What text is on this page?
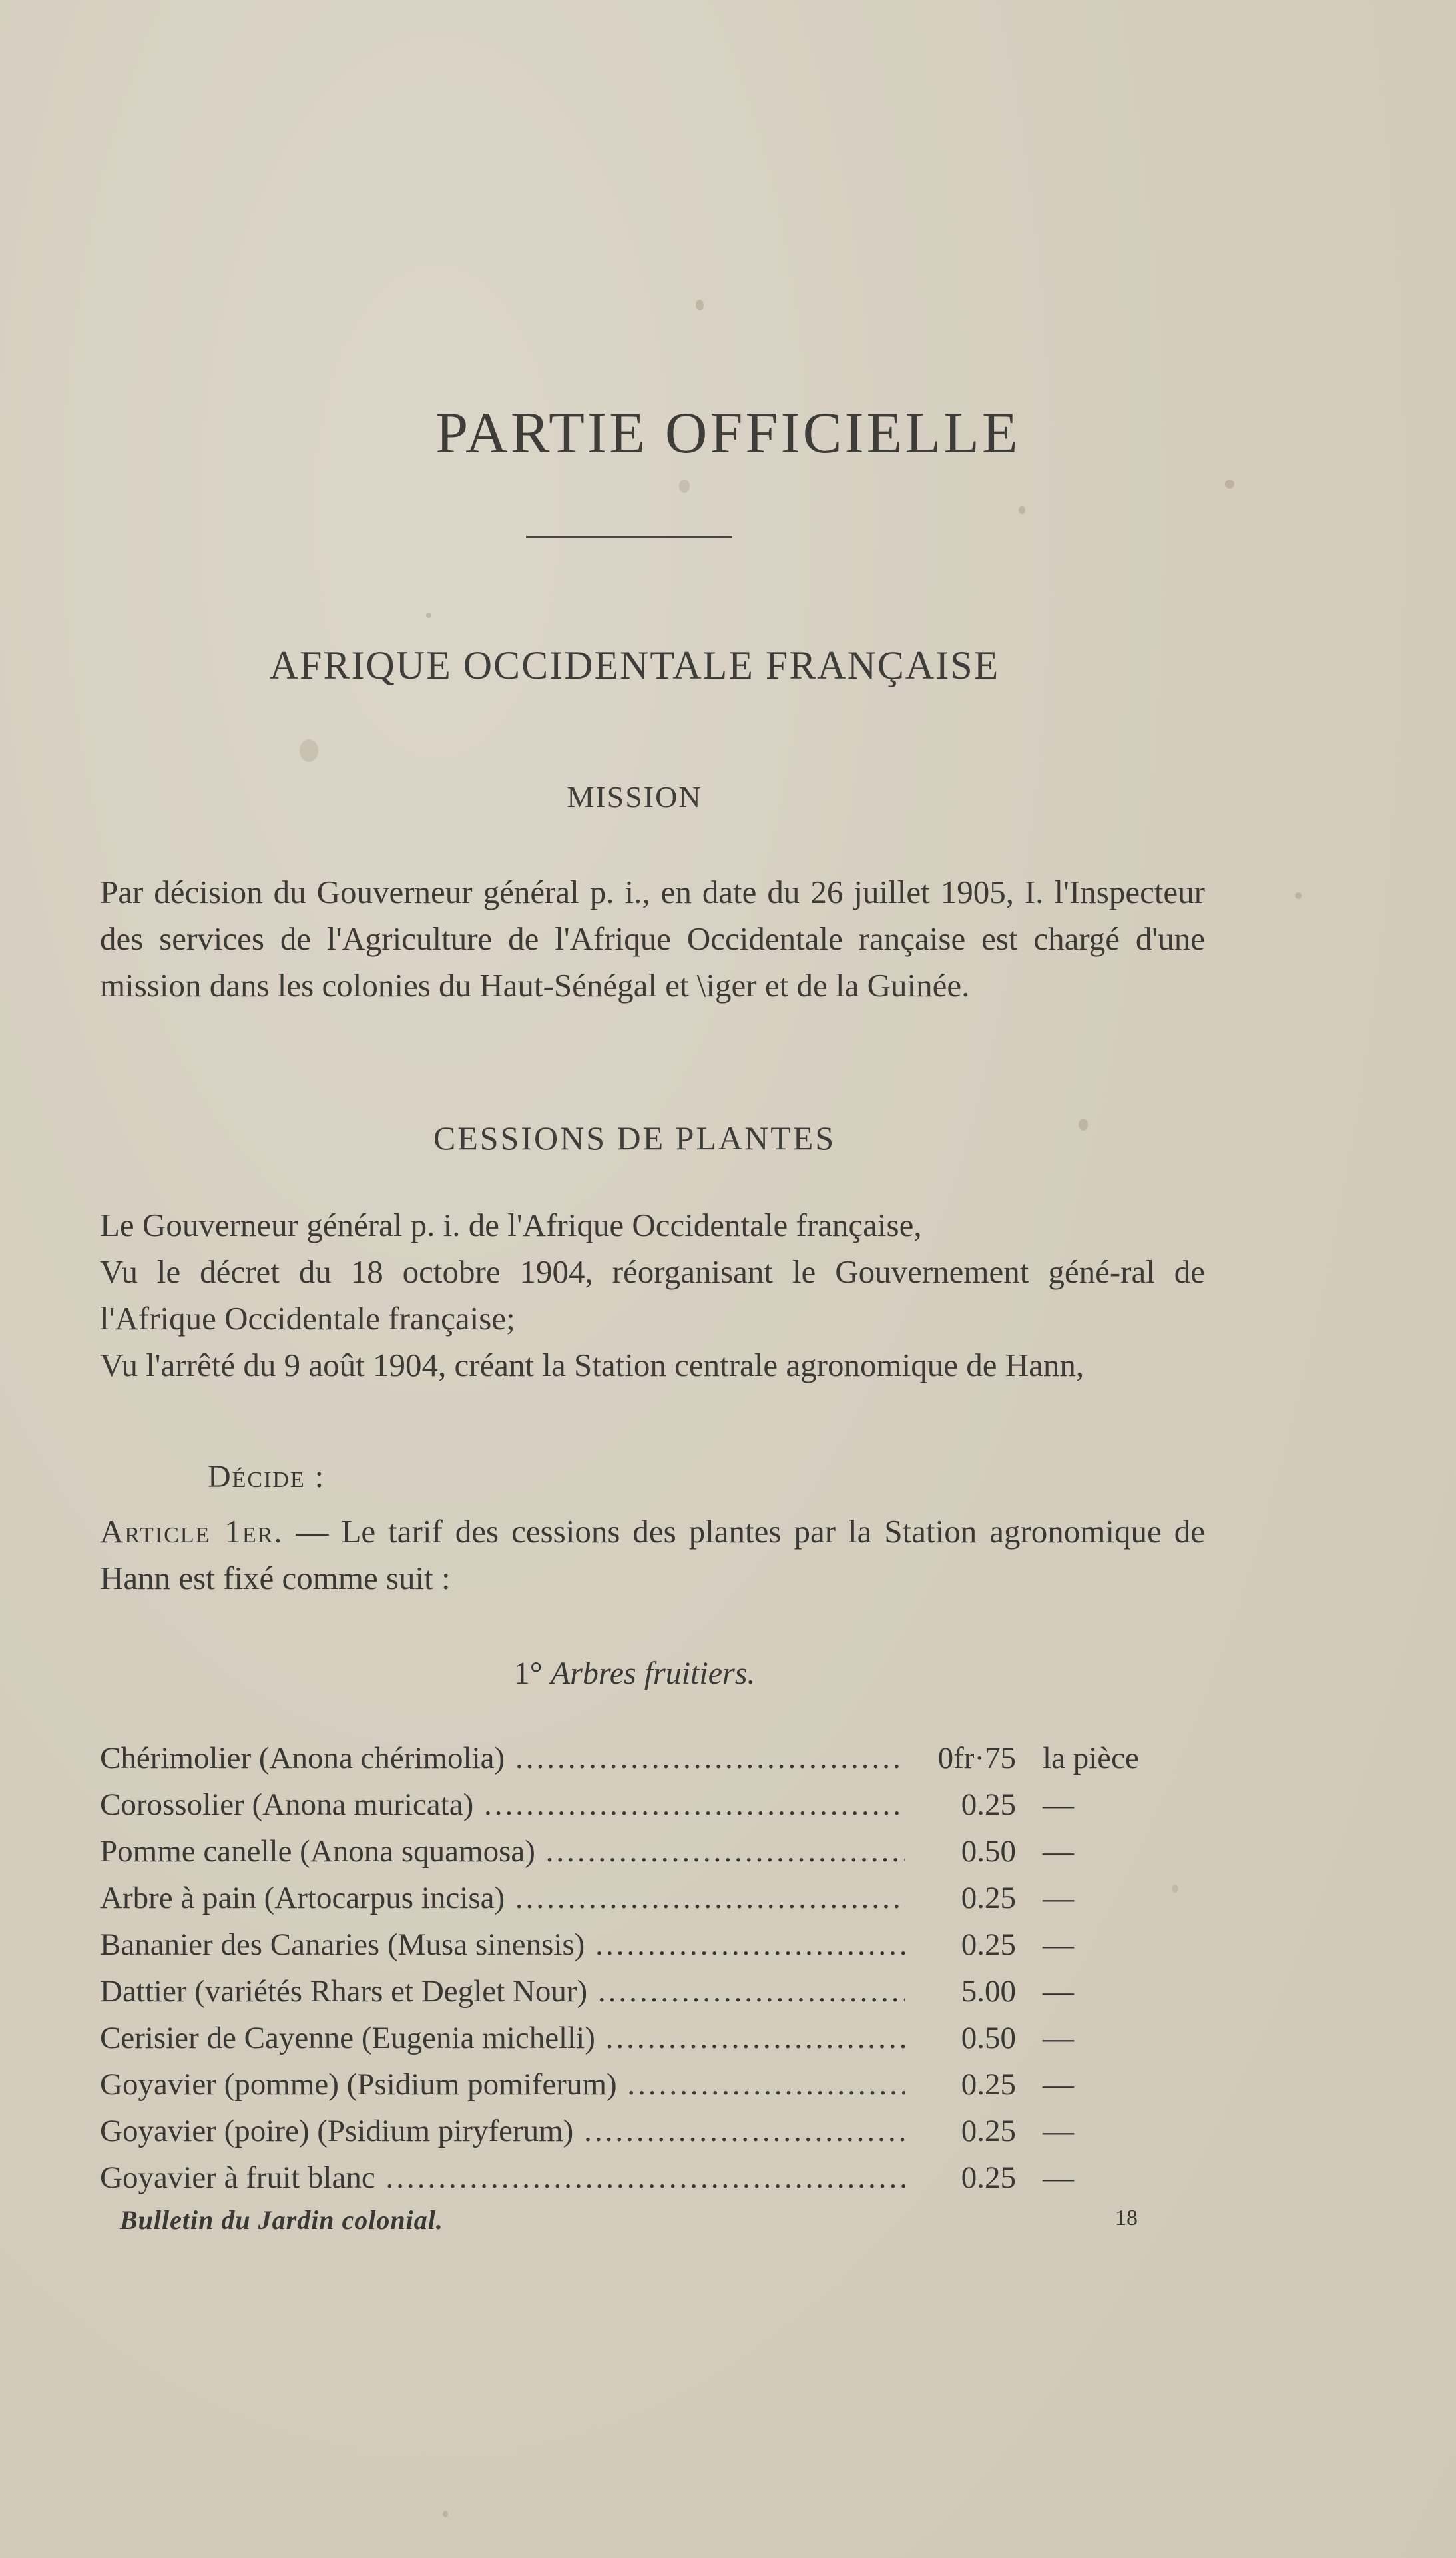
PARTIE OFFICIELLE
AFRIQUE OCCIDENTALE FRANÇAISE
MISSION
Par décision du Gouverneur général p. i., en date du 26 juillet 1905, I. l'Inspecteur des services de l'Agriculture de l'Afrique Occidentale rançaise est chargé d'une mission dans les colonies du Haut-Sénégal et \iger et de la Guinée.
CESSIONS DE PLANTES
Le Gouverneur général p. i. de l'Afrique Occidentale française,
Vu le décret du 18 octobre 1904, réorganisant le Gouvernement géné-ral de l'Afrique Occidentale française;
Vu l'arrêté du 9 août 1904, créant la Station centrale agronomique de Hann,
Décide :
Article 1er. — Le tarif des cessions des plantes par la Station agronomique de Hann est fixé comme suit :
1° Arbres fruitiers.
Chérimolier (Anona chérimolia) .....	0fr·75 la pièce
Corossolier (Anona muricata) .....	0.25 —
Pomme canelle (Anona squamosa) .....	0.50 —
Arbre à pain (Artocarpus incisa) .....	0.25 —
Bananier des Canaries (Musa sinensis) .....	0.25 —
Dattier (variétés Rhars et Deglet Nour) .....	5.00 —
Cerisier de Cayenne (Eugenia michelli) .....	0.50 —
Goyavier (pomme) (Psidium pomiferum) .....	0.25 —
Goyavier (poire) (Psidium piryferum) .....	0.25 —
Goyavier à fruit blanc .....	0.25 —
Bulletin du Jardin colonial.	18
